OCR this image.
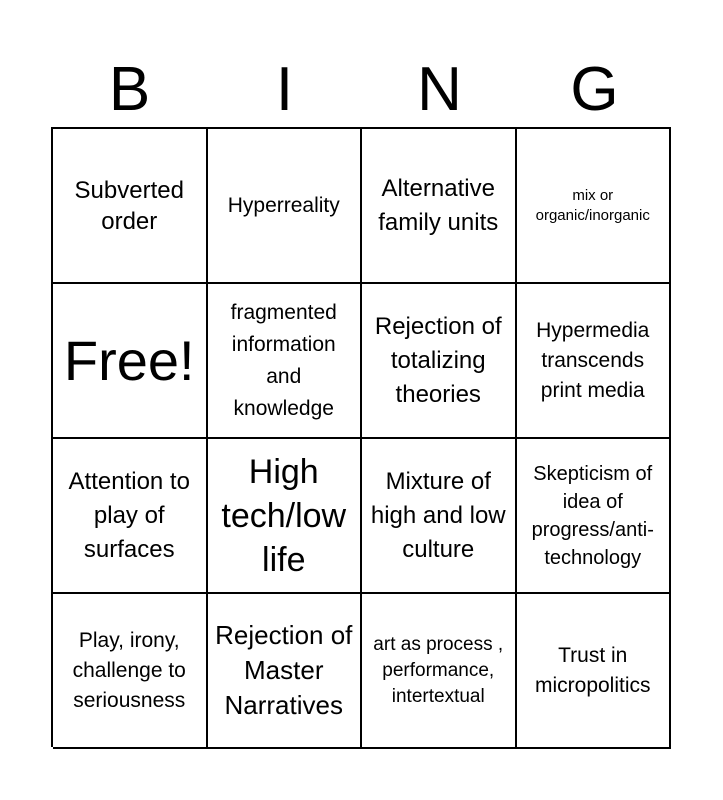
B	I	N	G
Subverted order
Hyperreality
Alternative family units
mix or organic/inorganic
Free!
fragmented information and knowledge
Rejection of totalizing theories
Hypermedia transcends print media
Attention to play of surfaces
High tech/low life
Mixture of high and low culture
Skepticism of idea of progress/anti-technology
Play, irony, challenge to seriousness
Rejection of Master Narratives
art as process , performance, intertextual
Trust in micropolitics
